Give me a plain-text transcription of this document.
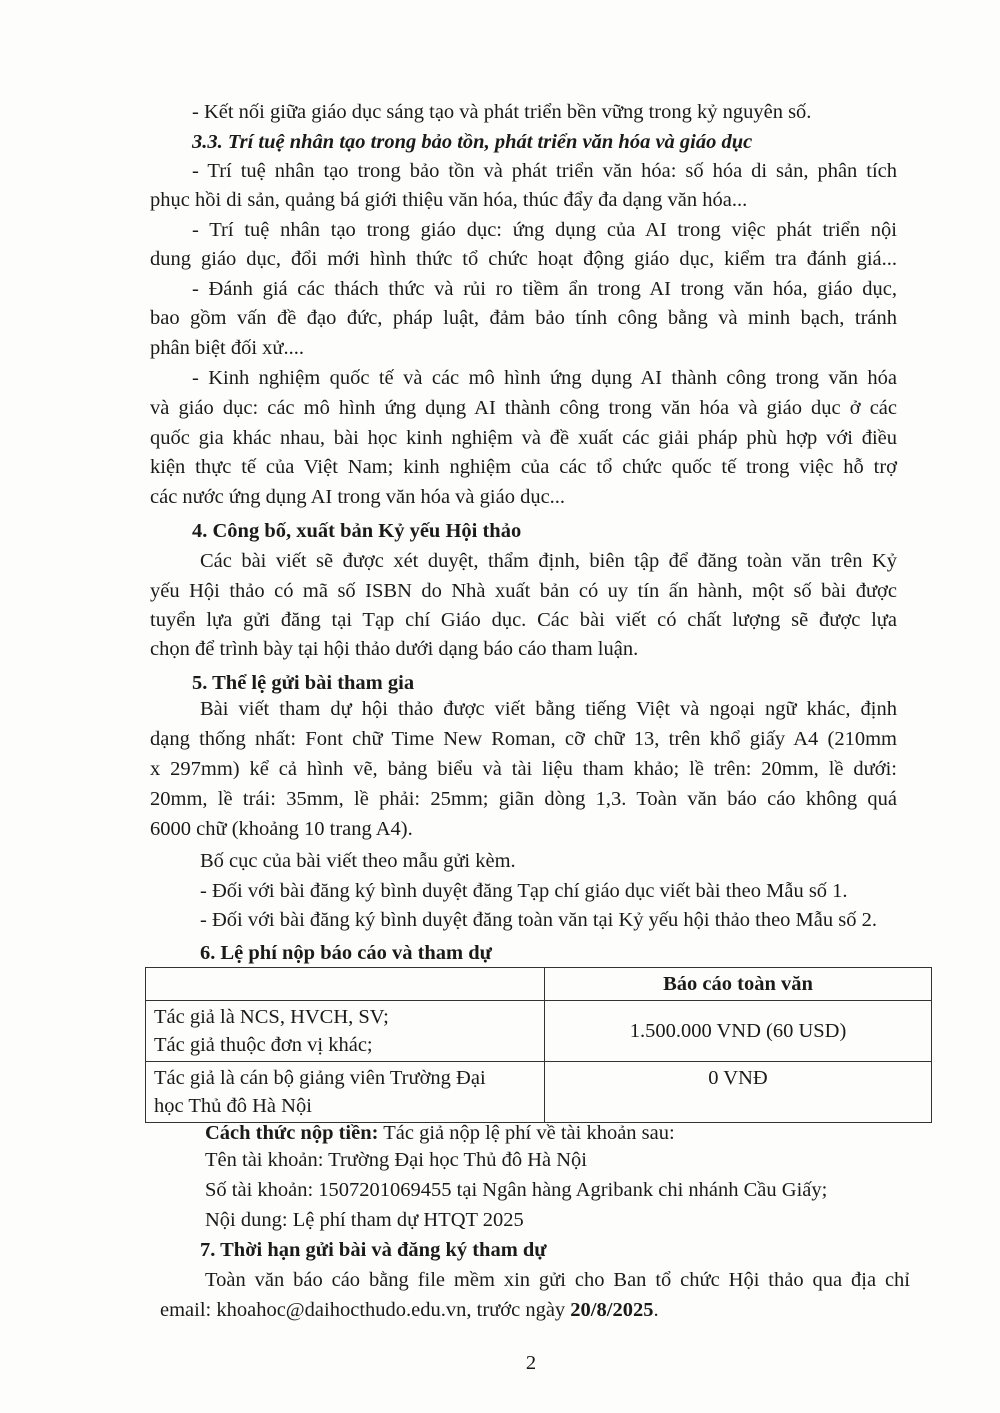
- Kết nối giữa giáo dục sáng tạo và phát triển bền vững trong kỷ nguyên số.
3.3. Trí tuệ nhân tạo trong bảo tồn, phát triển văn hóa và giáo dục
- Trí tuệ nhân tạo trong bảo tồn và phát triển văn hóa: số hóa di sản, phân tích
phục hồi di sản, quảng bá giới thiệu văn hóa, thúc đẩy đa dạng văn hóa...
- Trí tuệ nhân tạo trong giáo dục: ứng dụng của AI trong việc phát triển nội
dung giáo dục, đổi mới hình thức tổ chức hoạt động giáo dục, kiểm tra đánh giá...
- Đánh giá các thách thức và rủi ro tiềm ẩn trong AI trong văn hóa, giáo dục,
bao gồm vấn đề đạo đức, pháp luật, đảm bảo tính công bằng và minh bạch, tránh
phân biệt đối xử....
- Kinh nghiệm quốc tế và các mô hình ứng dụng AI thành công trong văn hóa
và giáo dục: các mô hình ứng dụng AI thành công trong văn hóa và giáo dục ở các
quốc gia khác nhau, bài học kinh nghiệm và đề xuất các giải pháp phù hợp với điều
kiện thực tế của Việt Nam; kinh nghiệm của các tổ chức quốc tế trong việc hỗ trợ
các nước ứng dụng AI trong văn hóa và giáo dục...
4. Công bố, xuất bản Kỷ yếu Hội thảo
Các bài viết sẽ được xét duyệt, thẩm định, biên tập để đăng toàn văn trên Kỷ
yếu Hội thảo có mã số ISBN do Nhà xuất bản có uy tín ấn hành, một số bài được
tuyển lựa gửi đăng tại Tạp chí Giáo dục. Các bài viết có chất lượng sẽ được lựa
chọn để trình bày tại hội thảo dưới dạng báo cáo tham luận.
5. Thể lệ gửi bài tham gia
Bài viết tham dự hội thảo được viết bằng tiếng Việt và ngoại ngữ khác, định
dạng thống nhất: Font chữ Time New Roman, cỡ chữ 13, trên khổ giấy A4 (210mm
x 297mm) kể cả hình vẽ, bảng biểu và tài liệu tham khảo; lề trên: 20mm, lề dưới:
20mm, lề trái: 35mm, lề phải: 25mm; giãn dòng 1,3. Toàn văn báo cáo không quá
6000 chữ (khoảng 10 trang A4).
Bố cục của bài viết theo mẫu gửi kèm.
- Đối với bài đăng ký bình duyệt đăng Tạp chí giáo dục viết bài theo Mẫu số 1.
- Đối với bài đăng ký bình duyệt đăng toàn văn tại Kỷ yếu hội thảo theo Mẫu số 2.
6. Lệ phí nộp báo cáo và tham dự
	Báo cáo toàn văn

Tác giả là NCS, HVCH, SV;
Tác giả thuộc đơn vị khác;	1.500.000 VND (60 USD)

Tác giả là cán bộ giảng viên Trường Đại
học Thủ đô Hà Nội	0 VNĐ
Cách thức nộp tiền: Tác giả nộp lệ phí về tài khoản sau:
Tên tài khoản: Trường Đại học Thủ đô Hà Nội
Số tài khoản: 1507201069455 tại Ngân hàng Agribank chi nhánh Cầu Giấy;
Nội dung: Lệ phí tham dự HTQT 2025
7. Thời hạn gửi bài và đăng ký tham dự
Toàn văn báo cáo bằng file mềm xin gửi cho Ban tổ chức Hội thảo qua địa chỉ
email: khoahoc@daihocthudo.edu.vn, trước ngày 20/8/2025.
2
